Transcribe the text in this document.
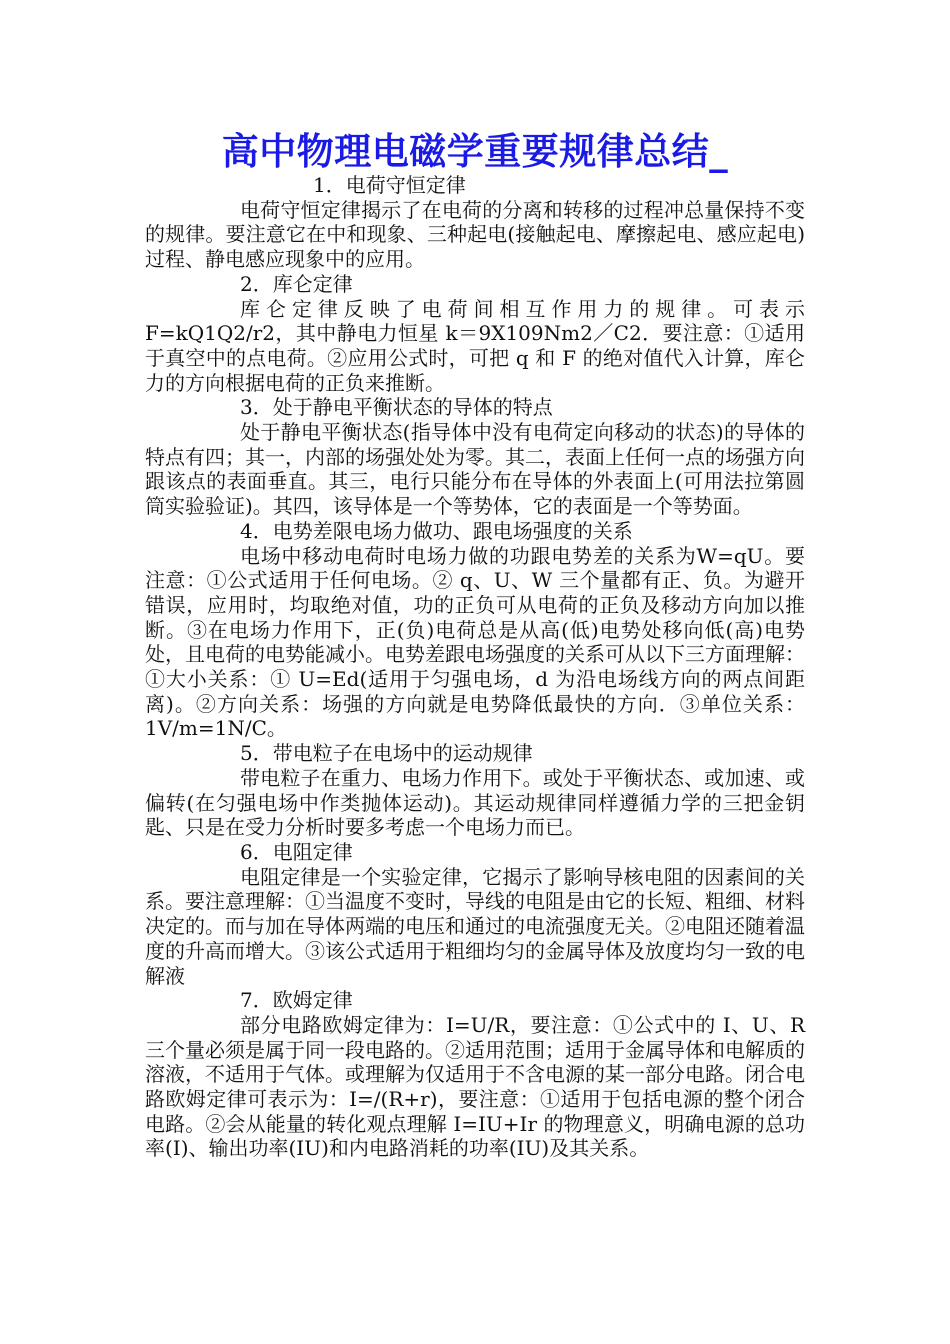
高中物理电磁学重要规律总结_

1．电荷守恒定律

电荷守恒定律揭示了在电荷的分离和转移的过程冲总量保持不变的规律。要注意它在中和现象、三种起电(接触起电、摩擦起电、感应起电)过程、静电感应现象中的应用。

2．库仑定律

库仑定律反映了电荷间相互作用力的规律。可表示F=kQ1Q2/r2，其中静电力恒星 k＝9X109Nm2／C2．要注意：①适用于真空中的点电荷。②应用公式时，可把 q 和 F 的绝对值代入计算，库仑力的方向根据电荷的正负来推断。

3．处于静电平衡状态的导体的特点

处于静电平衡状态(指导体中没有电荷定向移动的状态)的导体的特点有四；其一，内部的场强处处为零。其二，表面上任何一点的场强方向跟该点的表面垂直。其三，电行只能分布在导体的外表面上(可用法拉第圆筒实验验证)。其四，该导体是一个等势体，它的表面是一个等势面。

4．电势差限电场力做功、跟电场强度的关系

电场中移动电荷时电场力做的功跟电势差的关系为W=qU。要注意：①公式适用于任何电场。② q、U、W 三个量都有正、负。为避开错误，应用时，均取绝对值，功的正负可从电荷的正负及移动方向加以推断。③在电场力作用下，正(负)电荷总是从高(低)电势处移向低(高)电势处，且电荷的电势能减小。电势差跟电场强度的关系可从以下三方面理解：①大小关系：① U=Ed(适用于匀强电场，d 为沿电场线方向的两点间距离)。②方向关系：场强的方向就是电势降低最快的方向．③单位关系：1V/m=1N/C。

5．带电粒子在电场中的运动规律

带电粒子在重力、电场力作用下。或处于平衡状态、或加速、或偏转(在匀强电场中作类抛体运动)。其运动规律同样遵循力学的三把金钥匙、只是在受力分析时要多考虑一个电场力而已。

6．电阻定律

电阻定律是一个实验定律，它揭示了影响导核电阻的因素间的关系。要注意理解：①当温度不变时，导线的电阻是由它的长短、粗细、材料决定的。而与加在导体两端的电压和通过的电流强度无关。②电阻还随着温度的升高而增大。③该公式适用于粗细均匀的金属导体及放度均匀一致的电解液

7．欧姆定律

部分电路欧姆定律为：I=U/R，要注意：①公式中的 I、U、R 三个量必须是属于同一段电路的。②适用范围；适用于金属导体和电解质的溶液，不适用于气体。或理解为仅适用于不含电源的某一部分电路。闭合电路欧姆定律可表示为：I=/(R+r)，要注意：①适用于包括电源的整个闭合电路。②会从能量的转化观点理解 I=IU+Ir 的物理意义，明确电源的总功率(I)、输出功率(IU)和内电路消耗的功率(IU)及其关系。
